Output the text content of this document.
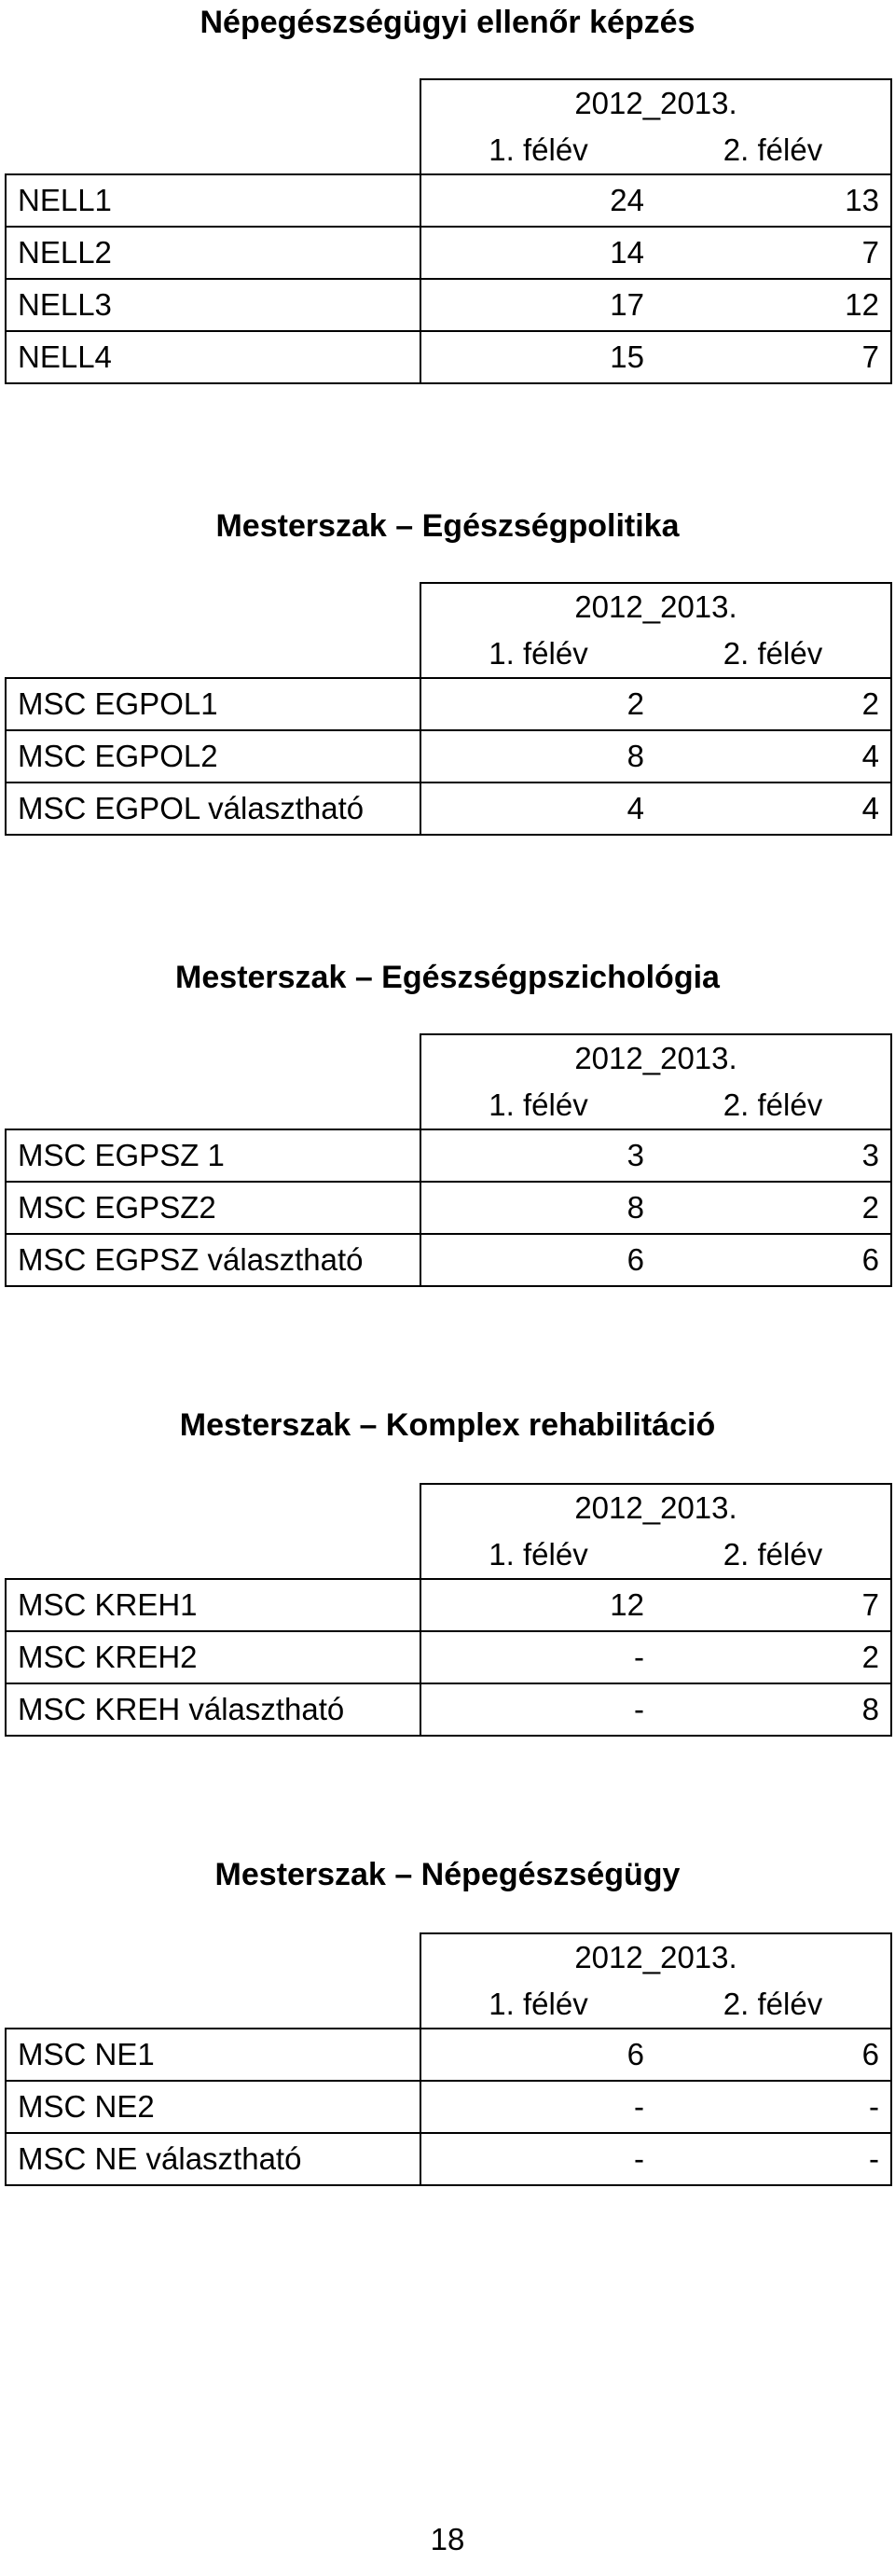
Népegészségügyi ellenőr képzés
	2012_2013.	
	1. félév	2. félév
NELL1	24	13
NELL2	14	7
NELL3	17	12
NELL4	15	7
Mesterszak – Egészségpolitika
	2012_2013.	
	1. félév	2. félév
MSC EGPOL1	2	2
MSC EGPOL2	8	4
MSC EGPOL választható	4	4
Mesterszak – Egészségpszichológia
	2012_2013.	
	1. félév	2. félév
MSC EGPSZ 1	3	3
MSC EGPSZ2	8	2
MSC EGPSZ választható	6	6
Mesterszak – Komplex rehabilitáció
	2012_2013.	
	1. félév	2. félév
MSC KREH1	12	7
MSC KREH2	-	2
MSC KREH választható	-	8
Mesterszak – Népegészségügy
	2012_2013.	
	1. félév	2. félév
MSC NE1	6	6
MSC NE2	-	-
MSC NE választható	-	-
18
